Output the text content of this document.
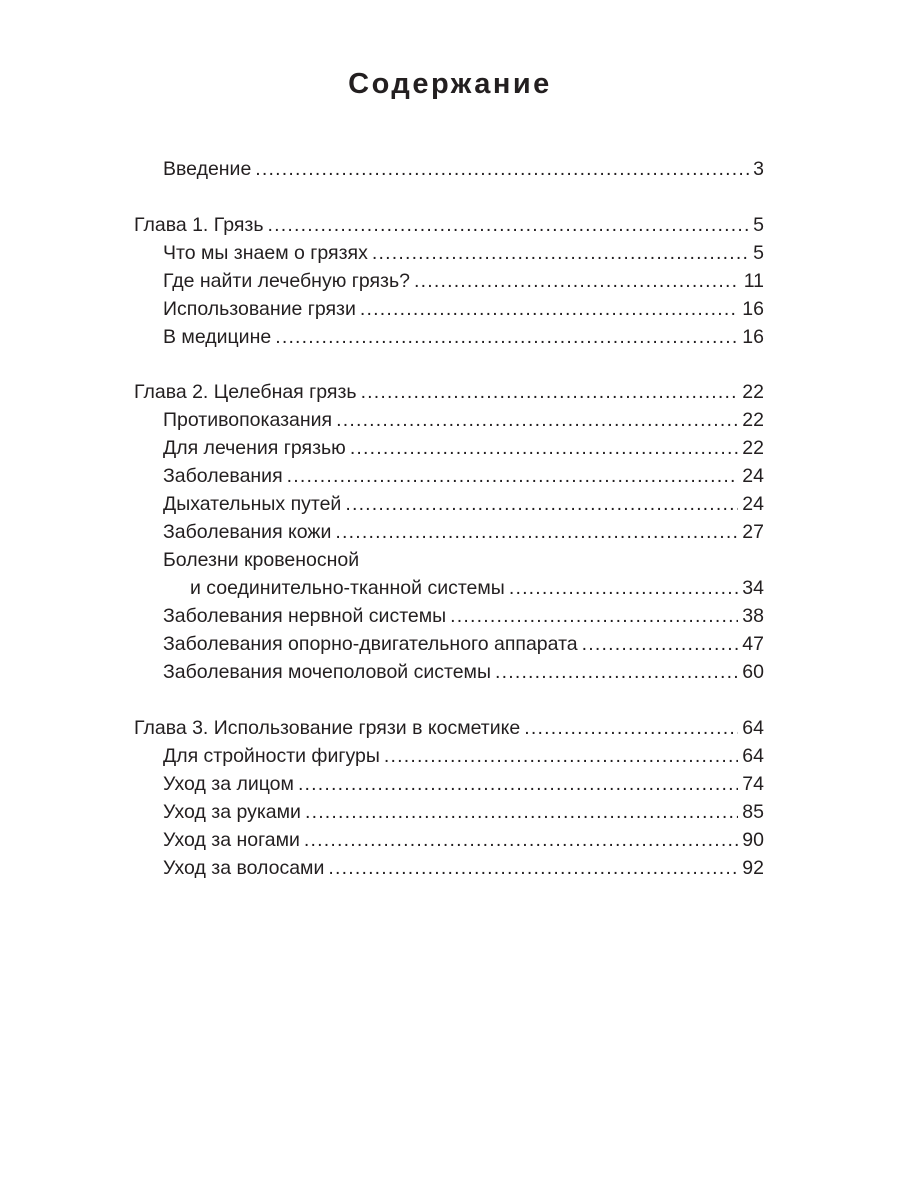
Содержание
Введение .....	3
Глава 1. Грязь .....	5
Что мы знаем о грязях .....	5
Где найти лечебную грязь? .....	11
Использование грязи .....	16
В медицине .....	16
Глава 2. Целебная грязь .....	22
Противопоказания .....	22
Для лечения грязью .....	22
Заболевания .....	24
Дыхательных путей .....	24
Заболевания кожи .....	27
Болезни кровеносной
и соединительно-тканной системы .....	34
Заболевания нервной системы .....	38
Заболевания опорно-двигательного аппарата .....	47
Заболевания мочеполовой системы .....	60
Глава 3. Использование грязи в косметике .....	64
Для стройности фигуры .....	64
Уход за лицом .....	74
Уход за руками .....	85
Уход за ногами .....	90
Уход за волосами .....	92
